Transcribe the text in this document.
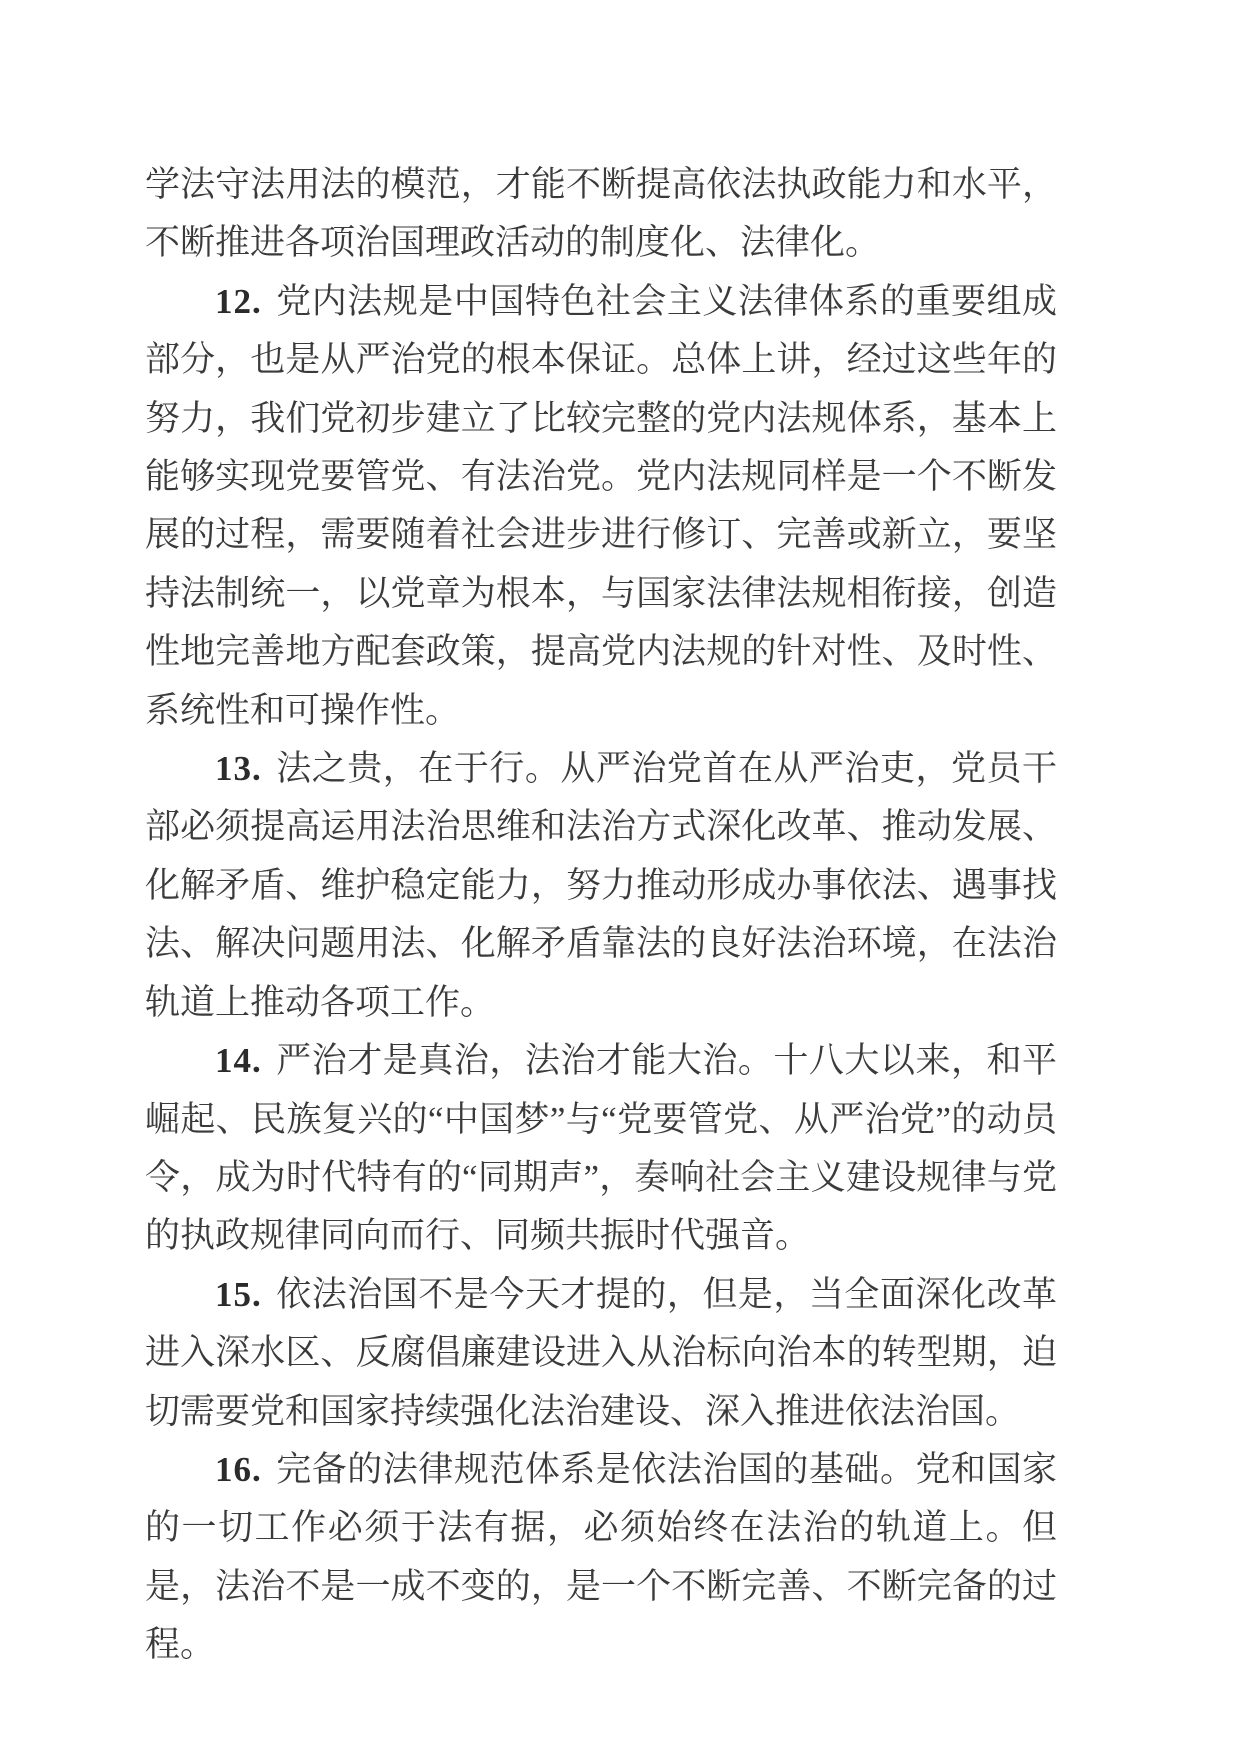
学法守法用法的模范，才能不断提高依法执政能力和水平，不断推进各项治国理政活动的制度化、法律化。

12. 党内法规是中国特色社会主义法律体系的重要组成部分，也是从严治党的根本保证。总体上讲，经过这些年的努力，我们党初步建立了比较完整的党内法规体系，基本上能够实现党要管党、有法治党。党内法规同样是一个不断发展的过程，需要随着社会进步进行修订、完善或新立，要坚持法制统一，以党章为根本，与国家法律法规相衔接，创造性地完善地方配套政策，提高党内法规的针对性、及时性、系统性和可操作性。

13. 法之贵，在于行。从严治党首在从严治吏，党员干部必须提高运用法治思维和法治方式深化改革、推动发展、化解矛盾、维护稳定能力，努力推动形成办事依法、遇事找法、解决问题用法、化解矛盾靠法的良好法治环境，在法治轨道上推动各项工作。

14. 严治才是真治，法治才能大治。十八大以来，和平崛起、民族复兴的“中国梦”与“党要管党、从严治党”的动员令，成为时代特有的“同期声”，奏响社会主义建设规律与党的执政规律同向而行、同频共振时代强音。

15. 依法治国不是今天才提的，但是，当全面深化改革进入深水区、反腐倡廉建设进入从治标向治本的转型期，迫切需要党和国家持续强化法治建设、深入推进依法治国。

16. 完备的法律规范体系是依法治国的基础。党和国家的一切工作必须于法有据，必须始终在法治的轨道上。但是，法治不是一成不变的，是一个不断完善、不断完备的过程。
